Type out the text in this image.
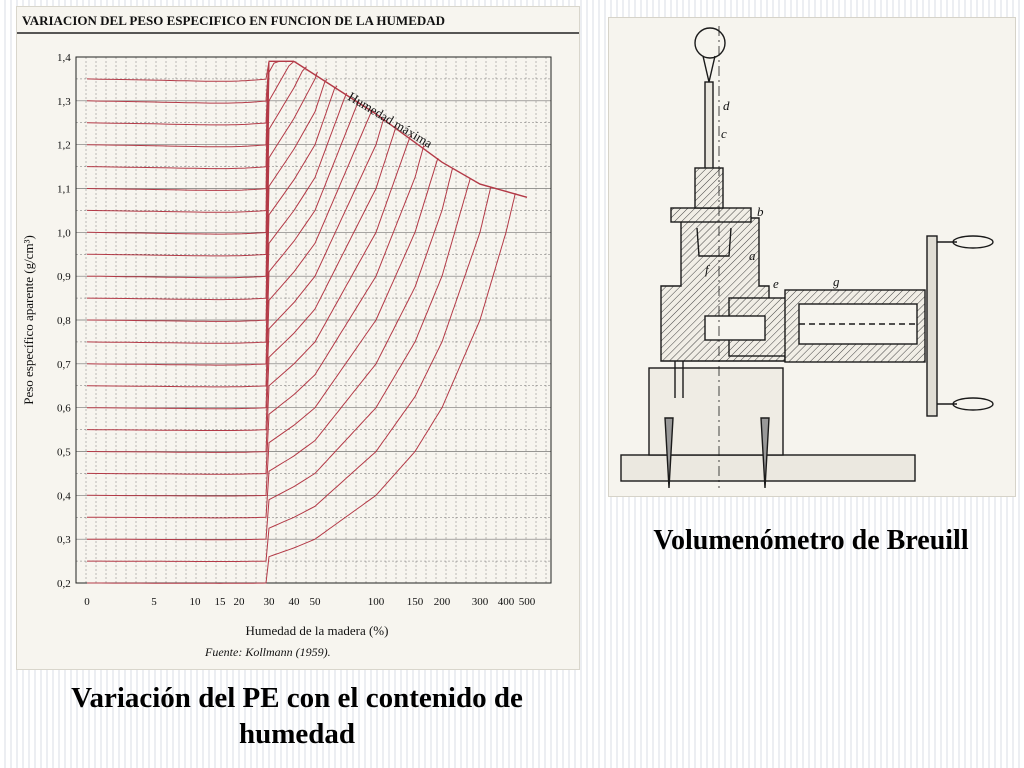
VARIACION DEL PESO ESPECIFICO EN FUNCION DE LA HUMEDAD
0,2
0,3
0,4
0,5
0,6
0,7
0,8
0,9
1,0
1,1
1,2
1,3
1,4
0	5	10 15 20 30 40 50	100 150 200 300 400 500
Humedad máxima
Peso específico aparente (g/cm³)
Humedad de la madera (%)
Fuente: Kollmann (1959).
a
b
c
d
e
f
g
Variación del PE con el contenido de humedad
Volumenómetro de Breuill
